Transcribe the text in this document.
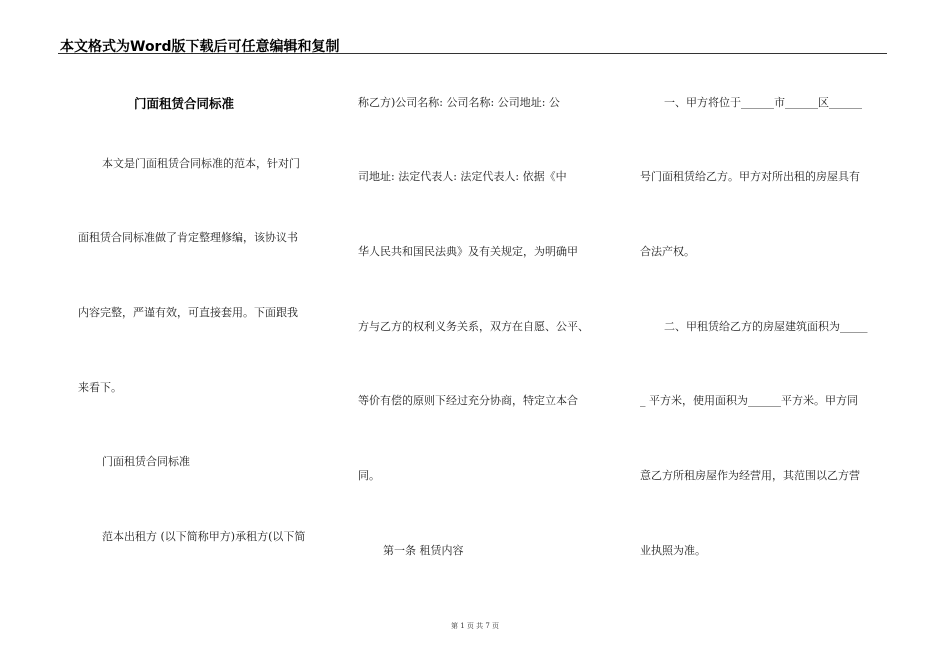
本文格式为Word版下载后可任意编辑和复制
门面租赁合同标准
本文是门面租赁合同标准的范本，针对门
面租赁合同标准做了肯定整理修编，该协议书
内容完整，严谨有效，可直接套用。下面跟我
来看下。
门面租赁合同标准
范本出租方 (以下简称甲方)承租方(以下简
称乙方)公司名称: 公司名称: 公司地址: 公
司地址: 法定代表人: 法定代表人: 依据《中
华人民共和国民法典》及有关规定，为明确甲
方与乙方的权利义务关系，双方在自愿、公平、
等价有偿的原则下经过充分协商，特定立本合
同。
第一条 租赁内容
一、甲方将位于______市______区______
号门面租赁给乙方。甲方对所出租的房屋具有
合法产权。
二、甲租赁给乙方的房屋建筑面积为_____
_ 平方米，使用面积为______平方米。甲方同
意乙方所租房屋作为经营用，其范围以乙方营
业执照为准。
第 1 页 共 7 页
